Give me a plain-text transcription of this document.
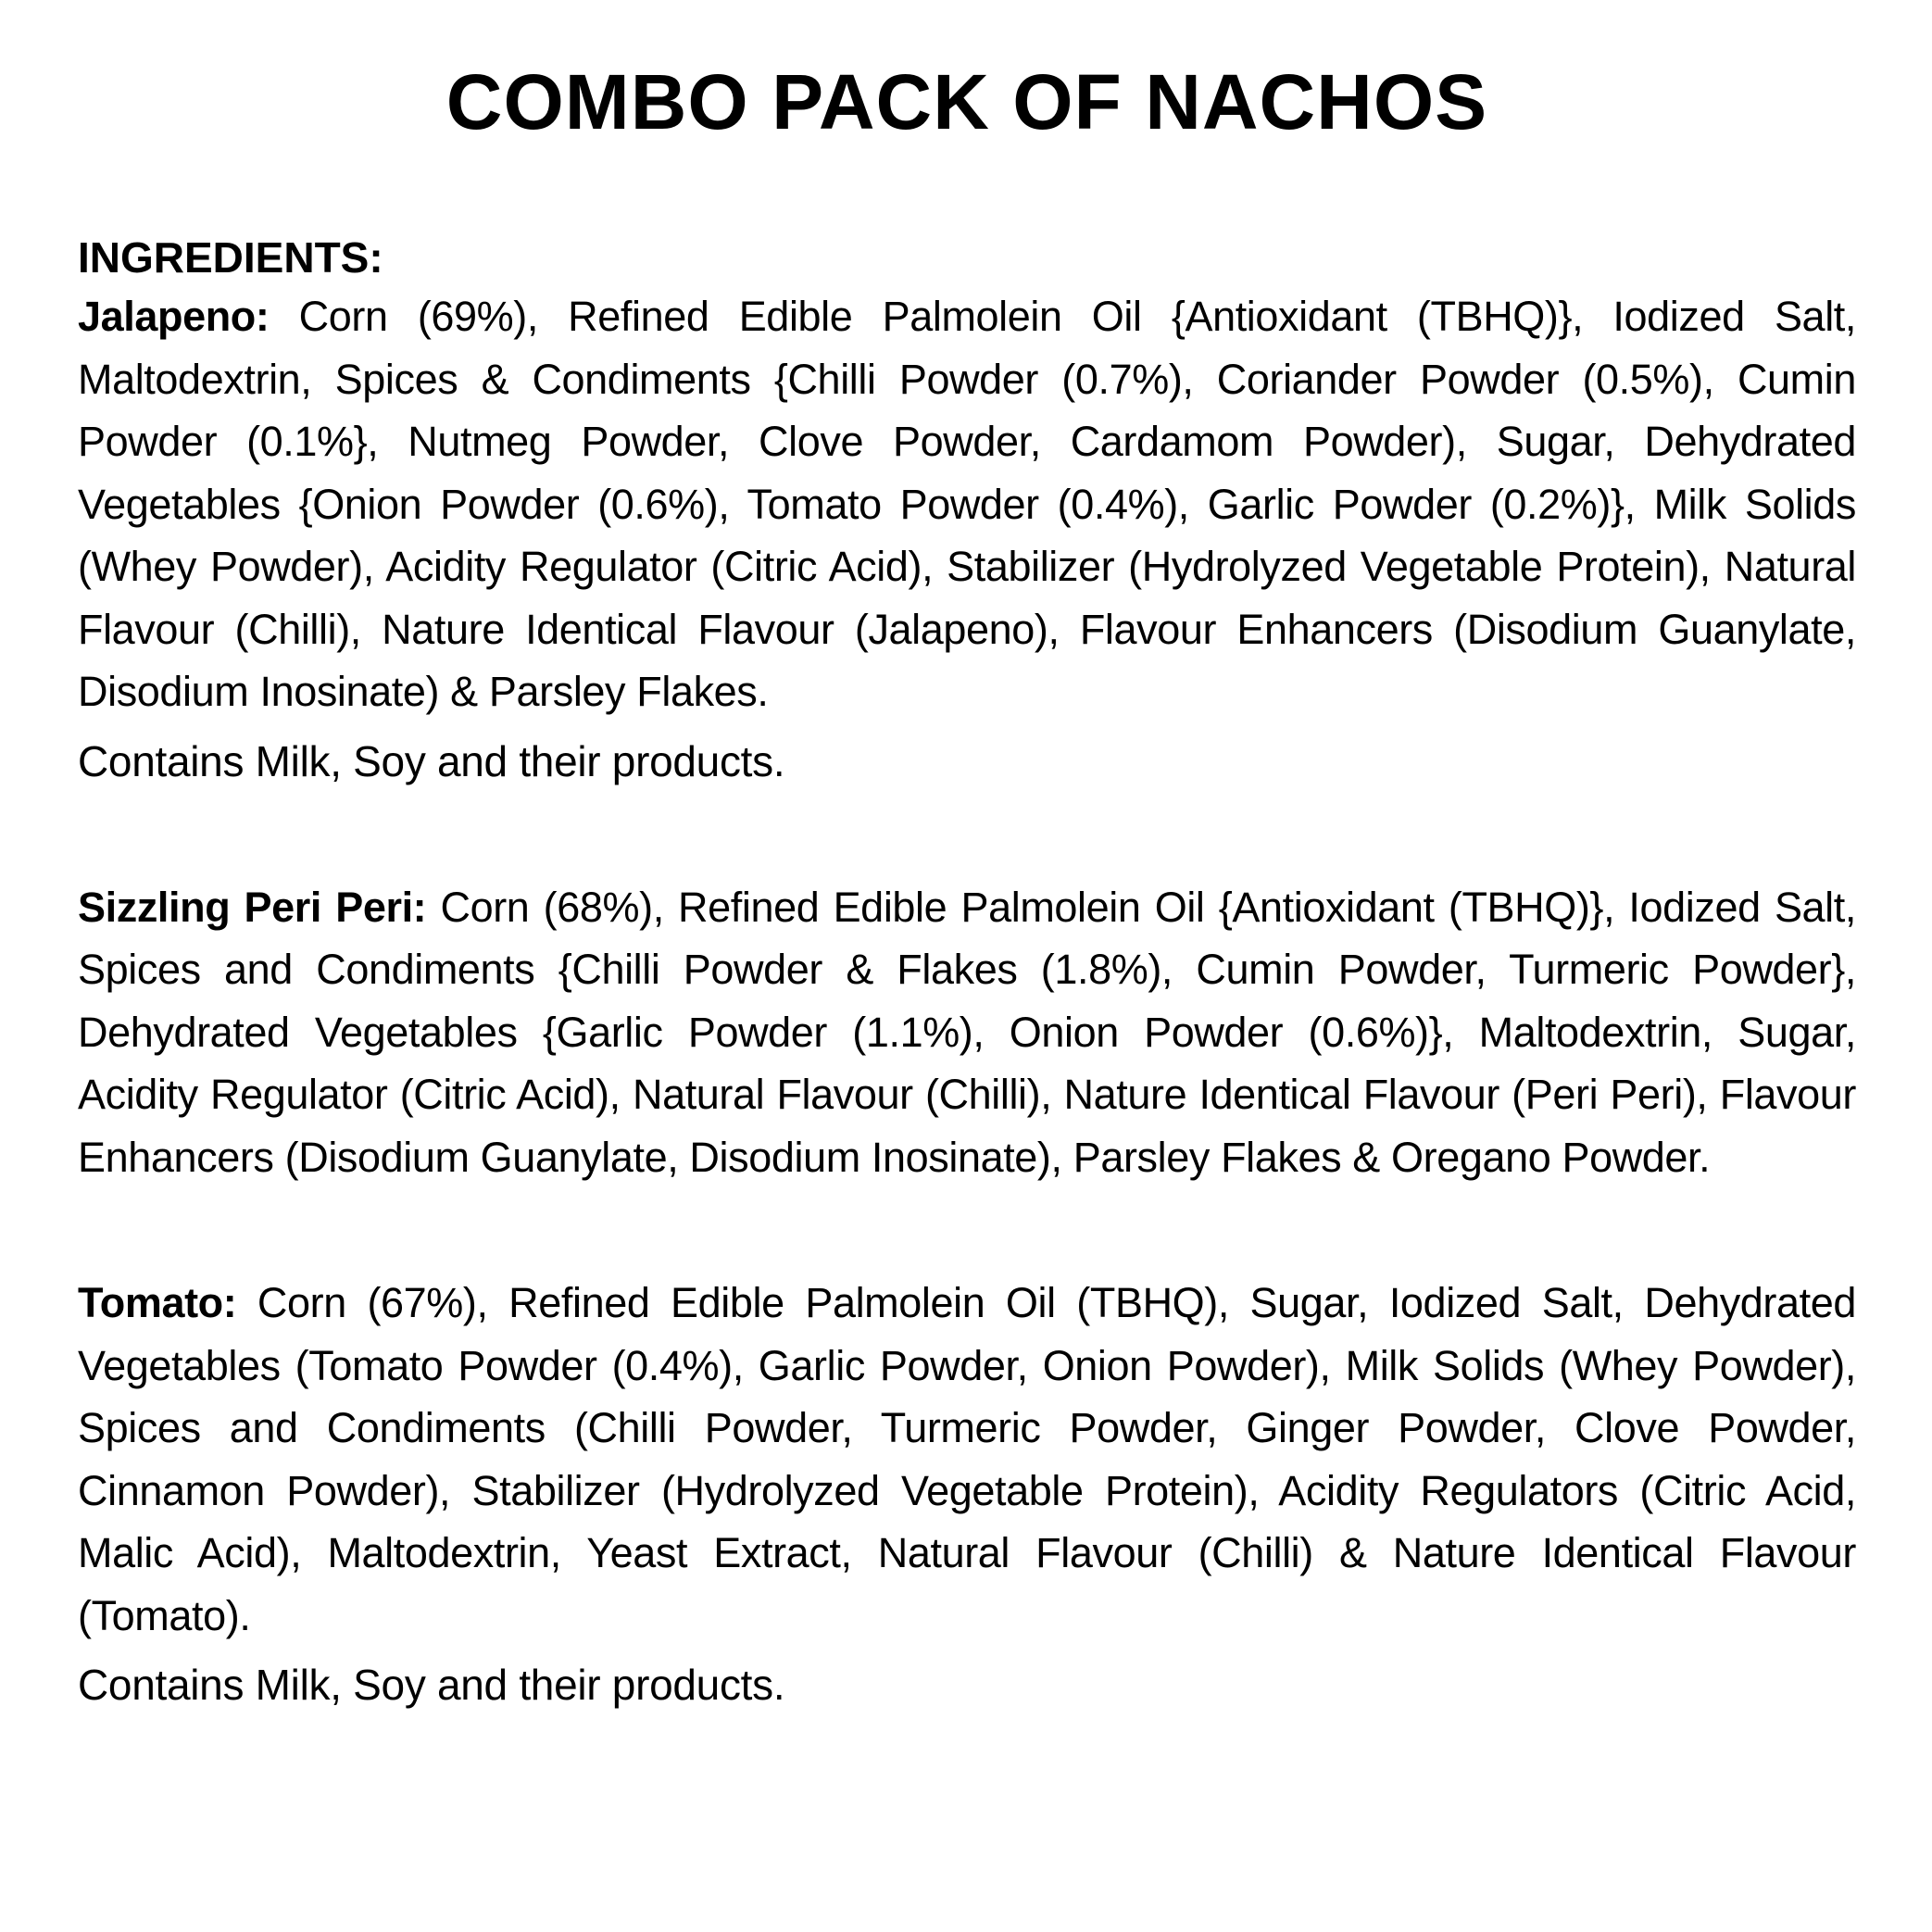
COMBO PACK OF NACHOS
INGREDIENTS:

Jalapeno: Corn (69%), Refined Edible Palmolein Oil {Antioxidant (TBHQ)}, Iodized Salt, Maltodextrin, Spices & Condiments {Chilli Powder (0.7%), Coriander Powder (0.5%), Cumin Powder (0.1%}, Nutmeg Powder, Clove Powder, Cardamom Powder), Sugar, Dehydrated Vegetables {Onion Powder (0.6%), Tomato Powder (0.4%), Garlic Powder (0.2%)}, Milk Solids (Whey Powder), Acidity Regulator (Citric Acid), Stabilizer (Hydrolyzed Vegetable Protein), Natural Flavour (Chilli), Nature Identical Flavour (Jalapeno), Flavour Enhancers (Disodium Guanylate, Disodium Inosinate) & Parsley Flakes.

Contains Milk, Soy and their products.

Sizzling Peri Peri: Corn (68%), Refined Edible Palmolein Oil {Antioxidant (TBHQ)}, Iodized Salt, Spices and Condiments {Chilli Powder & Flakes (1.8%), Cumin Powder, Turmeric Powder}, Dehydrated Vegetables {Garlic Powder (1.1%), Onion Powder (0.6%)}, Maltodextrin, Sugar, Acidity Regulator (Citric Acid), Natural Flavour (Chilli), Nature Identical Flavour (Peri Peri), Flavour Enhancers (Disodium Guanylate, Disodium Inosinate), Parsley Flakes & Oregano Powder.

Tomato: Corn (67%), Refined Edible Palmolein Oil (TBHQ), Sugar, Iodized Salt, Dehydrated Vegetables (Tomato Powder (0.4%), Garlic Powder, Onion Powder), Milk Solids (Whey Powder), Spices and Condiments (Chilli Powder, Turmeric Powder, Ginger Powder, Clove Powder, Cinnamon Powder), Stabilizer (Hydrolyzed Vegetable Protein), Acidity Regulators (Citric Acid, Malic Acid), Maltodextrin, Yeast Extract, Natural Flavour (Chilli) & Nature Identical Flavour (Tomato).

Contains Milk, Soy and their products.
